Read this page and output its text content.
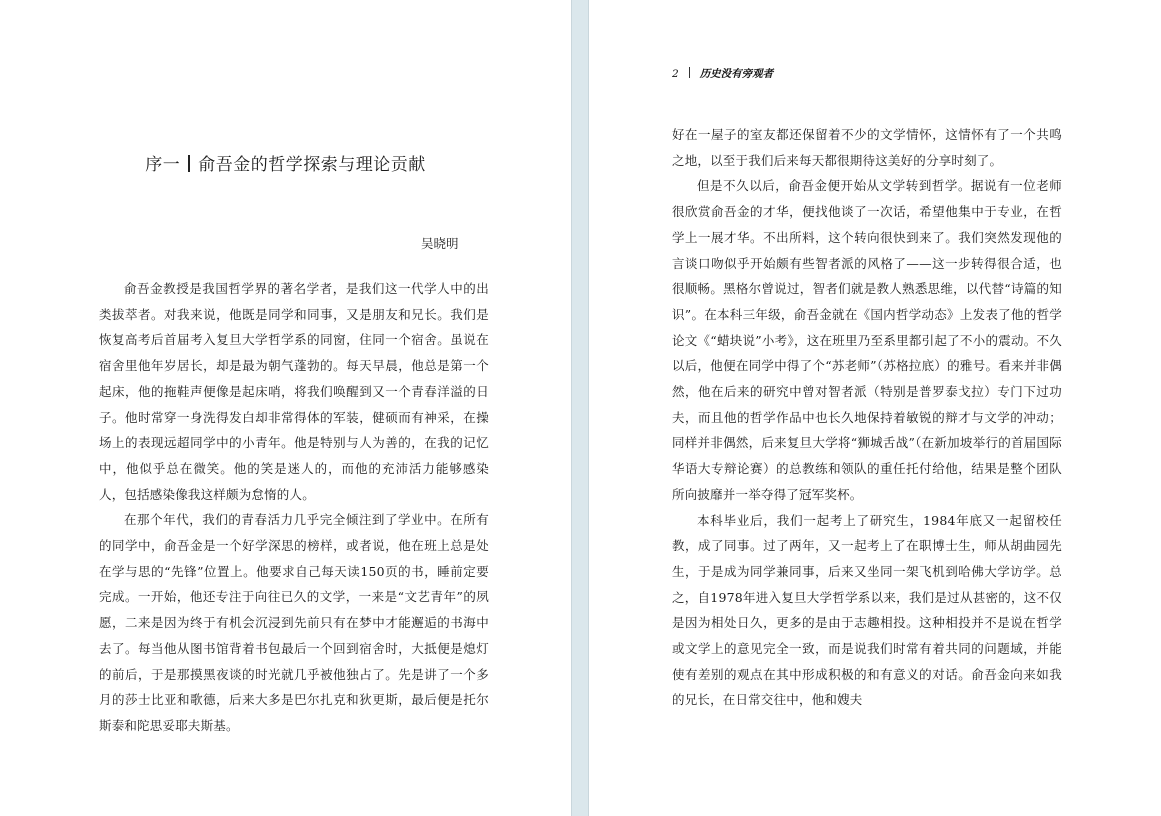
序一 俞吾金的哲学探索与理论贡献
吴晓明

俞吾金教授是我国哲学界的著名学者，是我们这一代学人中的出类拔萃者。对我来说，他既是同学和同事，又是朋友和兄长。我们是恢复高考后首届考入复旦大学哲学系的同窗，住同一个宿舍。虽说在宿舍里他年岁居长，却是最为朝气蓬勃的。每天早晨，他总是第一个起床，他的拖鞋声便像是起床哨，将我们唤醒到又一个青春洋溢的日子。他时常穿一身洗得发白却非常得体的军装，健硕而有神采，在操场上的表现远超同学中的小青年。他是特别与人为善的，在我的记忆中，他似乎总在微笑。他的笑是迷人的，而他的充沛活力能够感染人，包括感染像我这样颇为怠惰的人。

在那个年代，我们的青春活力几乎完全倾注到了学业中。在所有的同学中，俞吾金是一个好学深思的榜样，或者说，他在班上总是处在学与思的“先锋”位置上。他要求自己每天读150页的书，睡前定要完成。一开始，他还专注于向往已久的文学，一来是“文艺青年”的夙愿，二来是因为终于有机会沉浸到先前只有在梦中才能邂逅的书海中去了。每当他从图书馆背着书包最后一个回到宿舍时，大抵便是熄灯的前后，于是那摸黑夜谈的时光就几乎被他独占了。先是讲了一个多月的莎士比亚和歌德，后来大多是巴尔扎克和狄更斯，最后便是托尔斯泰和陀思妥耶夫斯基。

2 历史没有旁观者

好在一屋子的室友都还保留着不少的文学情怀，这情怀有了一个共鸣之地，以至于我们后来每天都很期待这美好的分享时刻了。

但是不久以后，俞吾金便开始从文学转到哲学。据说有一位老师很欣赏俞吾金的才华，便找他谈了一次话，希望他集中于专业，在哲学上一展才华。不出所料，这个转向很快到来了。我们突然发现他的言谈口吻似乎开始颇有些智者派的风格了——这一步转得很合适，也很顺畅。黑格尔曾说过，智者们就是教人熟悉思维，以代替“诗篇的知识”。在本科三年级，俞吾金就在《国内哲学动态》上发表了他的哲学论文《“蜡块说”小考》，这在班里乃至系里都引起了不小的震动。不久以后，他便在同学中得了个“苏老师”（苏格拉底）的雅号。看来并非偶然，他在后来的研究中曾对智者派（特别是普罗泰戈拉）专门下过功夫，而且他的哲学作品中也长久地保持着敏锐的辩才与文学的冲动；同样并非偶然，后来复旦大学将“狮城舌战”（在新加坡举行的首届国际华语大专辩论赛）的总教练和领队的重任托付给他，结果是整个团队所向披靡并一举夺得了冠军奖杯。

本科毕业后，我们一起考上了研究生，1984年底又一起留校任教，成了同事。过了两年，又一起考上了在职博士生，师从胡曲园先生，于是成为同学兼同事，后来又坐同一架飞机到哈佛大学访学。总之，自1978年进入复旦大学哲学系以来，我们是过从甚密的，这不仅是因为相处日久，更多的是由于志趣相投。这种相投并不是说在哲学或文学上的意见完全一致，而是说我们时常有着共同的问题域，并能使有差别的观点在其中形成积极的和有意义的对话。俞吾金向来如我的兄长，在日常交往中，他和嫂夫
